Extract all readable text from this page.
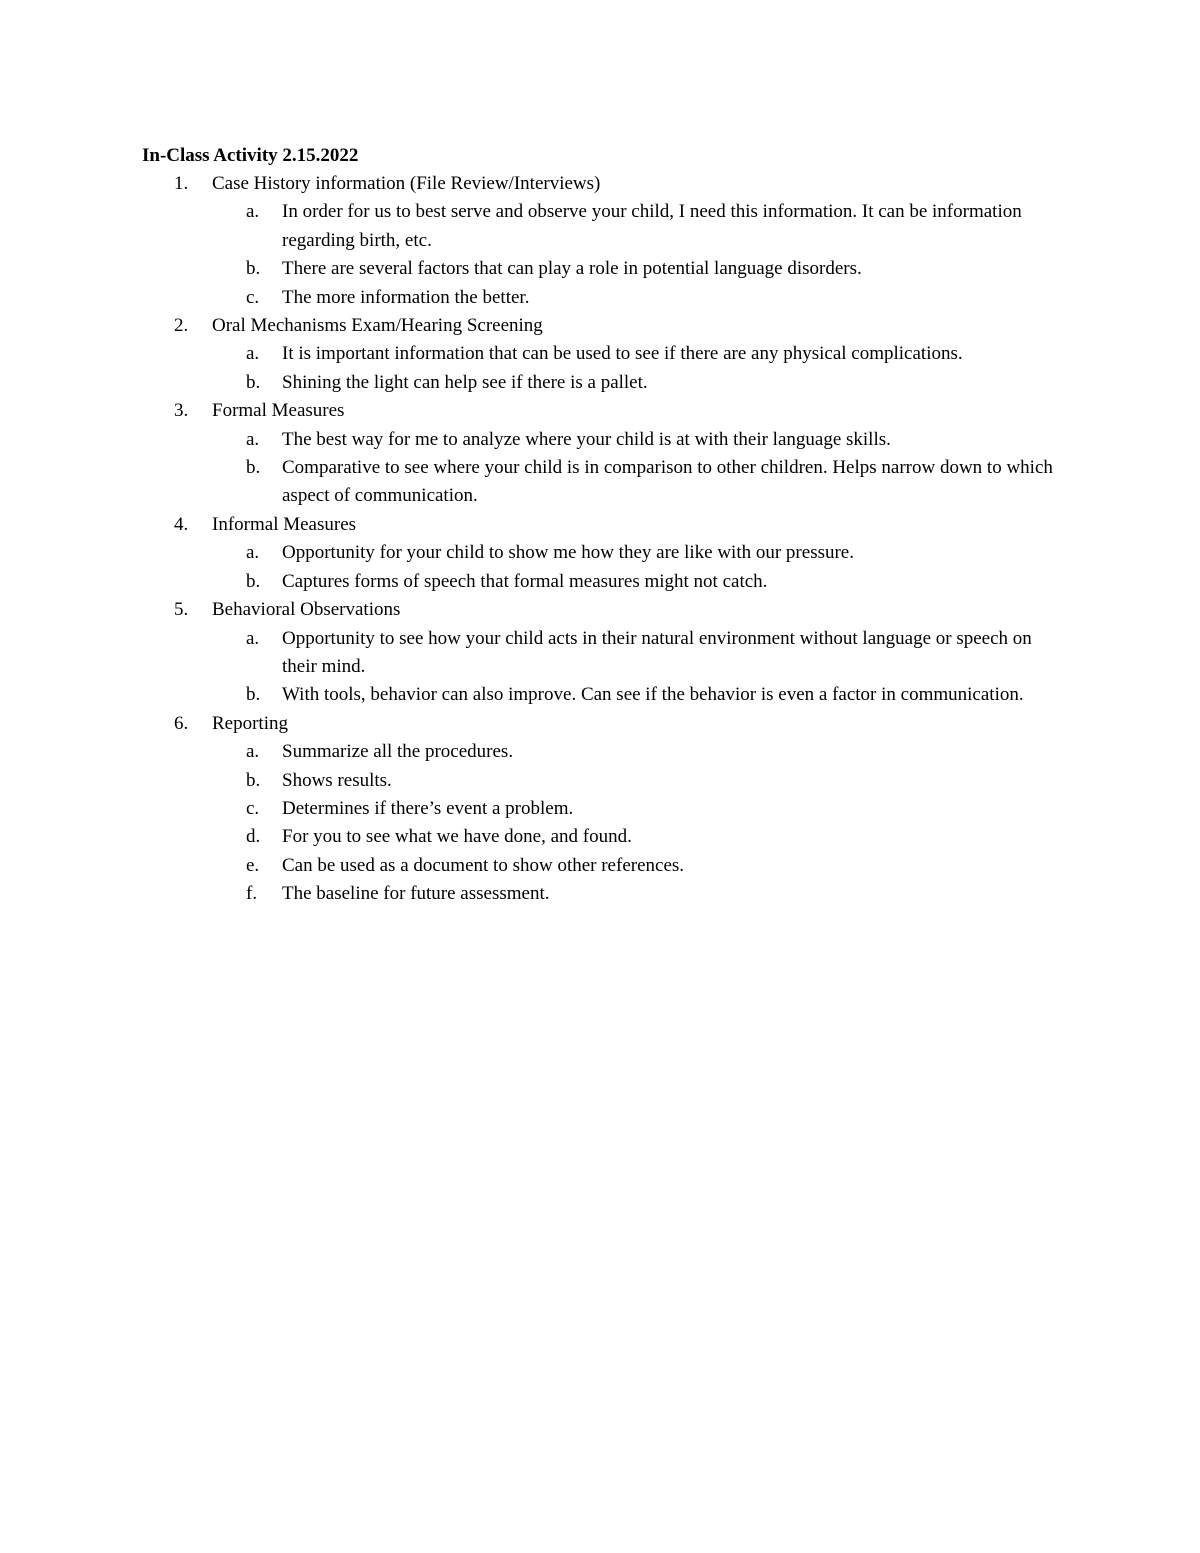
In-Class Activity 2.15.2022
1. Case History information (File Review/Interviews)
a. In order for us to best serve and observe your child, I need this information. It can be information regarding birth, etc.
b. There are several factors that can play a role in potential language disorders.
c. The more information the better.
2. Oral Mechanisms Exam/Hearing Screening
a. It is important information that can be used to see if there are any physical complications.
b. Shining the light can help see if there is a pallet.
3. Formal Measures
a. The best way for me to analyze where your child is at with their language skills.
b. Comparative to see where your child is in comparison to other children. Helps narrow down to which aspect of communication.
4. Informal Measures
a. Opportunity for your child to show me how they are like with our pressure.
b. Captures forms of speech that formal measures might not catch.
5. Behavioral Observations
a. Opportunity to see how your child acts in their natural environment without language or speech on their mind.
b. With tools, behavior can also improve. Can see if the behavior is even a factor in communication.
6. Reporting
a. Summarize all the procedures.
b. Shows results.
c. Determines if there’s event a problem.
d. For you to see what we have done, and found.
e. Can be used as a document to show other references.
f. The baseline for future assessment.
